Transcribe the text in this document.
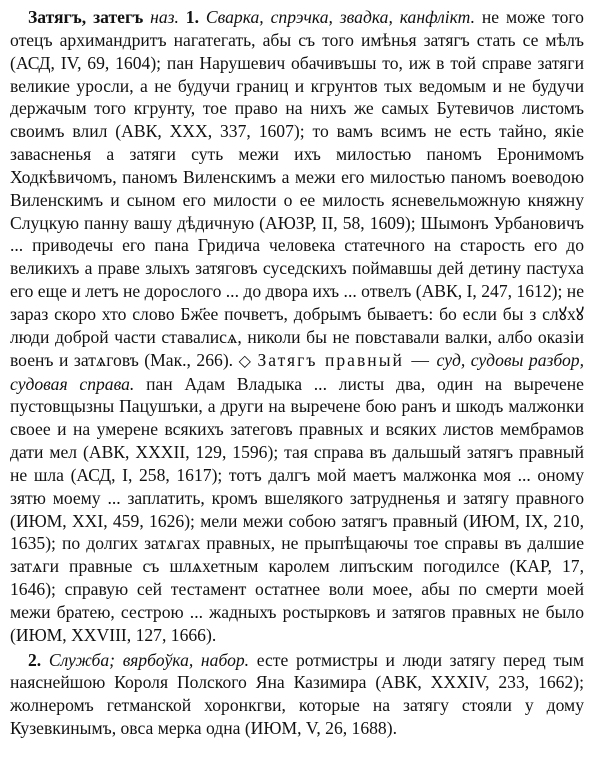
Затягъ, затегъ наз. 1. Сварка, спрэчка, звадка, канфлікт. не може того отецъ архимандритъ нагатегать, абы съ того имѣнья затягъ стать се мѣлъ (АСД, IV, 69, 1604); пан Нарушевич обачивъшы то, иж в той справе затяги великие уросли, а не будучи границ и кгрунтов тых ведомым и не будучи держачым того кгрунту, тое право на нихъ же самых Бутевичов листомъ своимъ влил (АВК, XXX, 337, 1607); то вамъ всимъ не есть тайно, якіе завасненья а затяги суть межи ихъ милостью паномъ Еронимомъ Ходкѣвичомъ, паномъ Виленскимъ а межи его милостью паномъ воеводою Виленскимъ и сыном его милости о ее милость ясневельможную княжну Слуцкую панну вашу дѣдичную (АЮЗР, II, 58, 1609); Шымонъ Урбановичъ ... приводечы его пана Гридича человека статечного на старость его до великихъ а праве злыхъ затяговъ суседскихъ поймавшы дей детину пастуха его еще и летъ не дорослого ... до двора ихъ ... отвелъ (АВК, I, 247, 1612); не зараз скоро хто слово Бж҃ее почветъ, добрымъ бываетъ: бо если бы з слꙋхꙋ люди доброй части ставалисѧ, николи бы не повставали валки, албо оказіи военъ и затѧговъ (Мак., 266). ◇ Затягъ правный — суд, судовы разбор, судовая справа. пан Адам Владыка ... листы два, один на выречене пустовщызны Пацушъки, а други на выречене бою ранъ и шкодъ малжонки своее и на умерене всякихъ затеговъ правных и всяких листов мембрамов дати мел (АВК, XXXII, 129, 1596); тая справа въ дальшый затягъ правный не шла (АСД, I, 258, 1617); тотъ далгъ мой маетъ малжонка моя ... оному зятю моему ... заплатить, кромъ вшелякого затрудненья и затягу правного (ИЮМ, XXI, 459, 1626); мели межи собою затягъ правный (ИЮМ, IX, 210, 1635); по долгих затѧгах правных, не прыпѣщаючы тое справы въ далшие затѧги правные съ шлѧхетным каролем липъским погодилсе (КАР, 17, 1646); справую сей тестамент остатнее воли моее, абы по смерти моей межи братею, сестрою ... жадныхъ ростырковъ и затягов правных не было (ИЮМ, XXVIII, 127, 1666).

2. Служба; вярбоўка, набор. есте ротмистры и люди затягу перед тым наяснейшою Короля Полского Яна Казимира (АВК, XXXIV, 233, 1662); жолнеромъ гетманской хоронкгви, которые на затягу стояли у дому Кузевкинымъ, овса мерка одна (ИЮМ, V, 26, 1688).
